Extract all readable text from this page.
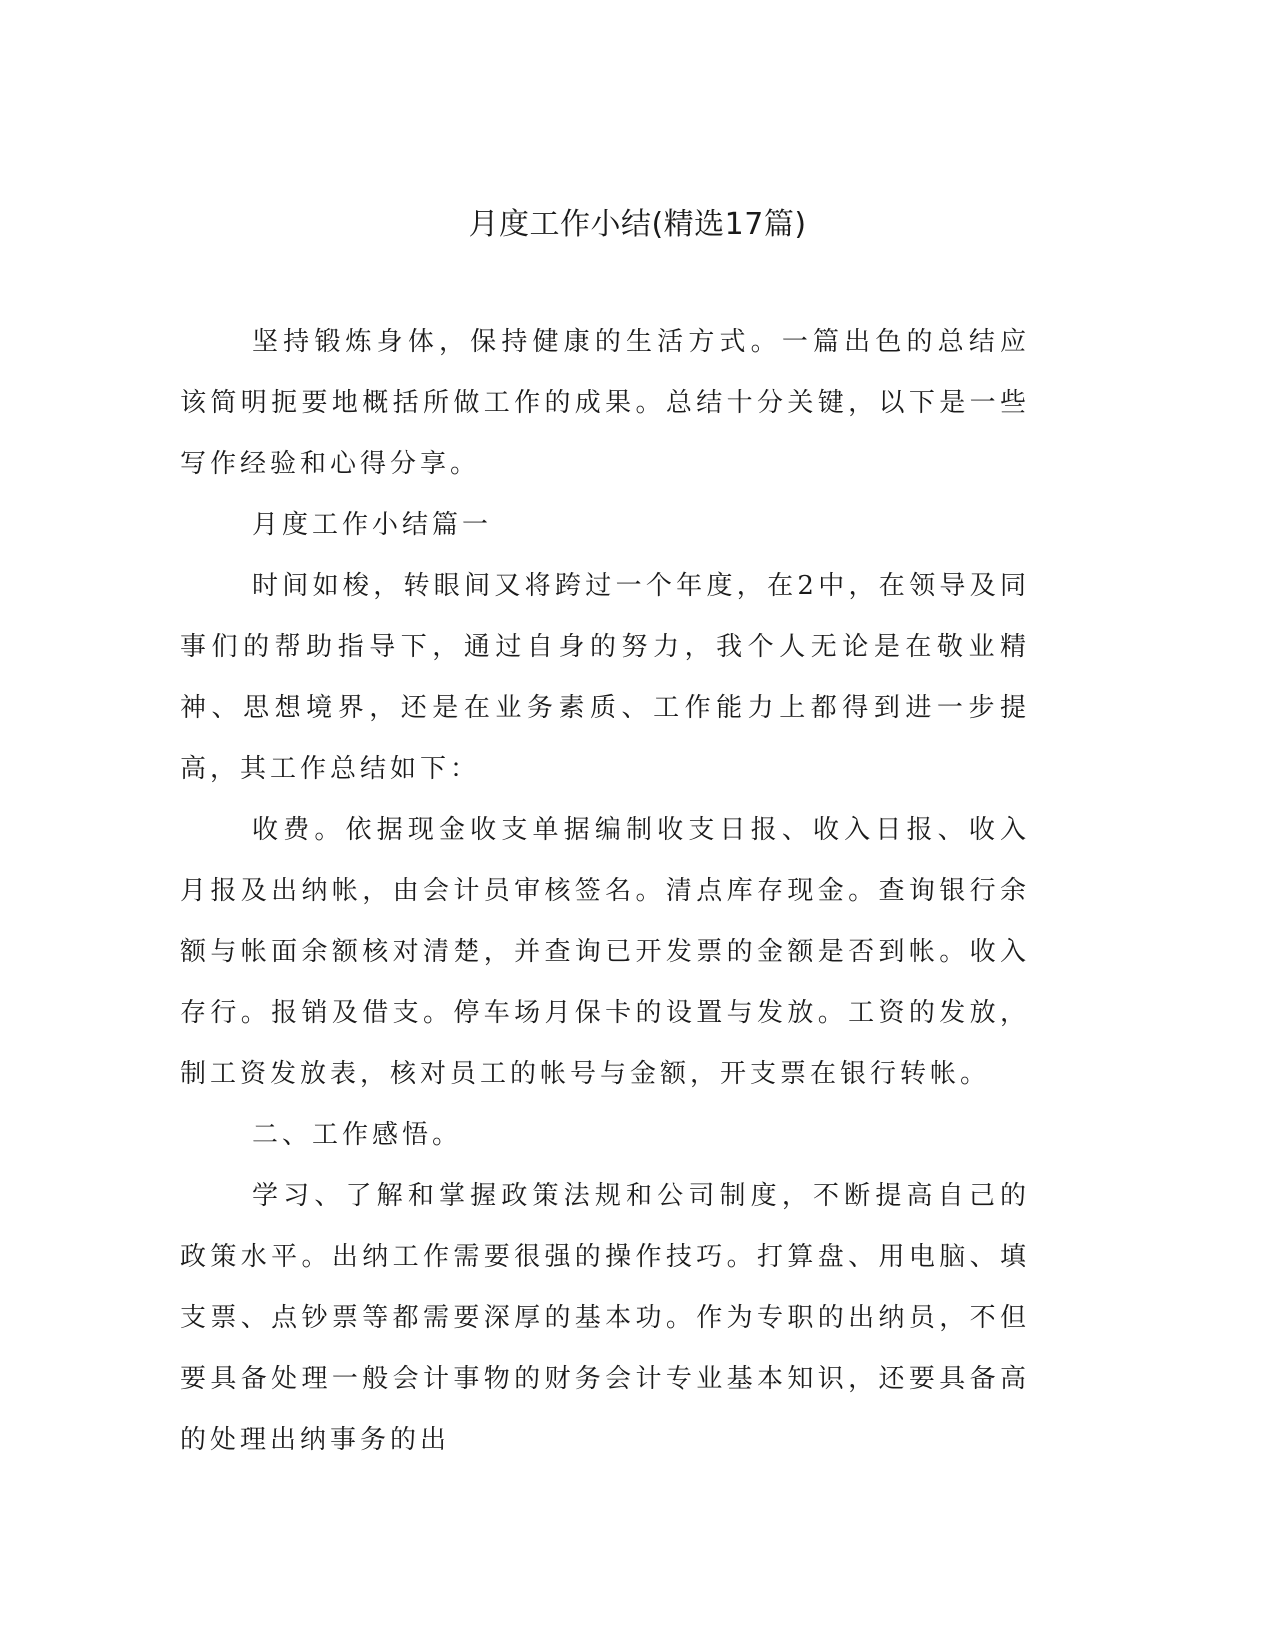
月度工作小结(精选17篇)

坚持锻炼身体，保持健康的生活方式。一篇出色的总结应该简明扼要地概括所做工作的成果。总结十分关键，以下是一些写作经验和心得分享。

月度工作小结篇一

时间如梭，转眼间又将跨过一个年度，在2中，在领导及同事们的帮助指导下，通过自身的努力，我个人无论是在敬业精神、思想境界，还是在业务素质、工作能力上都得到进一步提高，其工作总结如下：

收费。依据现金收支单据编制收支日报、收入日报、收入月报及出纳帐，由会计员审核签名。清点库存现金。查询银行余额与帐面余额核对清楚，并查询已开发票的金额是否到帐。收入存行。报销及借支。停车场月保卡的设置与发放。工资的发放，制工资发放表，核对员工的帐号与金额，开支票在银行转帐。

二、工作感悟。

学习、了解和掌握政策法规和公司制度，不断提高自己的政策水平。出纳工作需要很强的操作技巧。打算盘、用电脑、填支票、点钞票等都需要深厚的基本功。作为专职的出纳员，不但要具备处理一般会计事物的财务会计专业基本知识，还要具备高的处理出纳事务的出
